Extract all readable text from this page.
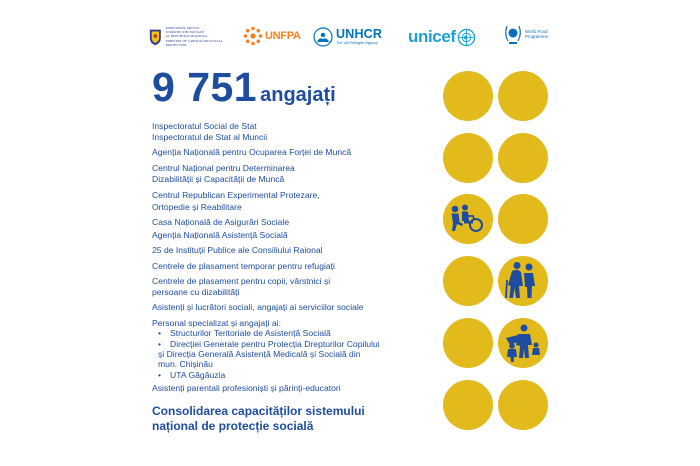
MINISTERUL MUNCII
ȘI PROTECȚIEI SOCIALE
AL REPUBLICII MOLDOVA
MINISTRY OF LABOUR AND SOCIAL PROTECTION
UNFPA	UNHCR
The UN Refugee Agency unicef	World Food
Programme
9 751 angajați
Inspectoratul Social de Stat
Inspectoratul de Stat al Muncii
Agenția Națională pentru Ocuparea Forței de Muncă
Centrul Național pentru Determinarea
Dizabilității și Capacității de Muncă
Centrul Republican Experimental Protezare,
Ortopedie și Reabilitare
Casa Națională de Asigurări Sociale
Agenția Națională Asistență Socială
25 de Instituții Publice ale Consiliului Raional
Centrele de plasament temporar pentru refugiați
Centrele de plasament pentru copii, vârstnici și
persoane cu dizabilități
Asistenți și lucrători sociali, angajați ai serviciilor sociale
Personal specializat și angajați ai:
• Structurilor Teritoriale de Asistență Socială
• Direcției Generale pentru Protecția Drepturilor Copilului
și Direcția Generală Asistență Medicală și Socială din
mun. Chișinău
• UTA Găgăuzia
Asistenți parentali profesioniști și părinți-educatori
Consolidarea capacităților sistemului
național de protecție socială
